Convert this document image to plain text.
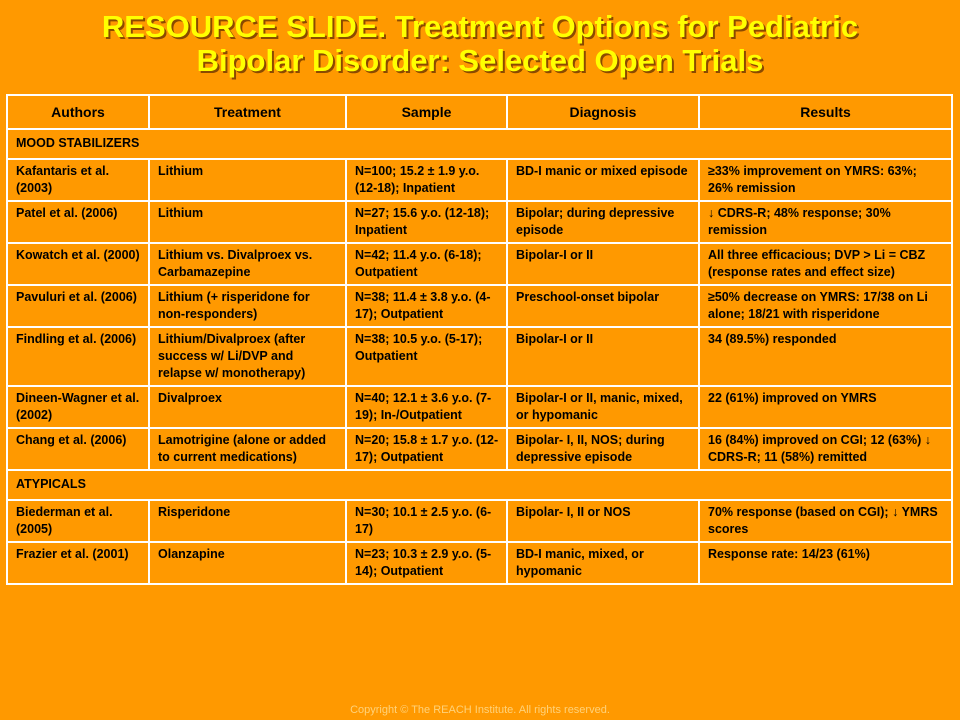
RESOURCE SLIDE. Treatment Options for Pediatric
Bipolar Disorder: Selected Open Trials
Authors	Treatment	Sample	Diagnosis	Results
MOOD STABILIZERS				
Kafantaris et al. (2003)	Lithium	N=100; 15.2 ± 1.9 y.o. (12-18); Inpatient	BD-I manic or mixed episode	≥33% improvement on YMRS: 63%; 26% remission
Patel et al. (2006)	Lithium	N=27; 15.6 y.o. (12-18); Inpatient	Bipolar; during depressive episode	↓ CDRS-R; 48% response; 30% remission
Kowatch et al. (2000)	Lithium vs. Divalproex vs. Carbamazepine	N=42; 11.4 y.o. (6-18); Outpatient	Bipolar-I or II	All three efficacious; DVP > Li = CBZ (response rates and effect size)
Pavuluri et al. (2006)	Lithium (+ risperidone for non-responders)	N=38; 11.4 ± 3.8 y.o. (4-17); Outpatient	Preschool-onset bipolar	≥50% decrease on YMRS: 17/38 on Li alone; 18/21 with risperidone
Findling et al. (2006)	Lithium/Divalproex (after success w/ Li/DVP and relapse w/ monotherapy)	N=38; 10.5 y.o. (5-17); Outpatient	Bipolar-I or II	34 (89.5%) responded
Dineen-Wagner et al. (2002)	Divalproex	N=40; 12.1 ± 3.6 y.o. (7-19); In-/Outpatient	Bipolar-I or II, manic, mixed, or hypomanic	22 (61%) improved on YMRS
Chang et al. (2006)	Lamotrigine (alone or added to current medications)	N=20; 15.8 ± 1.7 y.o. (12-17); Outpatient	Bipolar- I, II, NOS; during depressive episode	16 (84%) improved on CGI; 12 (63%) ↓ CDRS-R; 11 (58%) remitted
ATYPICALS				
Biederman et al. (2005)	Risperidone	N=30; 10.1 ± 2.5 y.o. (6-17)	Bipolar- I, II or NOS	70% response (based on CGI); ↓ YMRS scores
Frazier et al. (2001)	Olanzapine	N=23; 10.3 ± 2.9 y.o. (5-14); Outpatient	BD-I manic, mixed, or hypomanic	Response rate: 14/23 (61%)
Copyright © The REACH Institute. All rights reserved.
